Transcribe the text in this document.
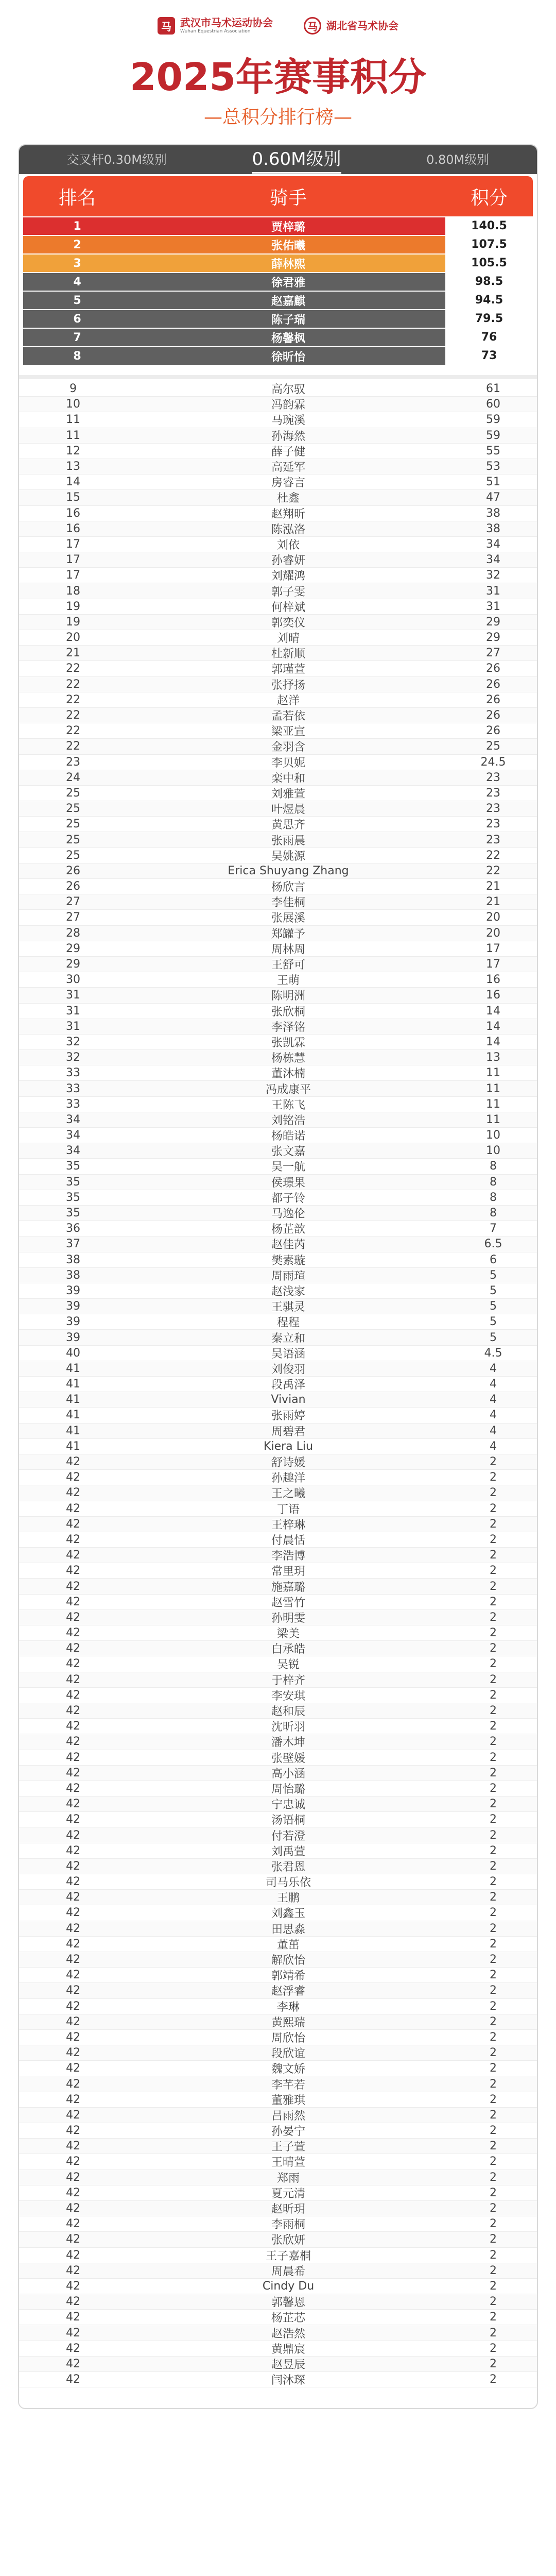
马 武汉市马术运动协会
Wuhan Equestrian Association	马 湖北省马术协会
2025年赛事积分
—总积分排行榜—
交叉杆0.30M级别	0.60M级别	0.80M级别
排名	骑手	积分
1	贾梓璐	140.5
2	张佑曦	107.5
3	薛林熙	105.5
4	徐君雅	98.5
5	赵嘉麒	94.5
6	陈子瑞	79.5
7	杨馨枫	76
8	徐昕怡	73
9	高尔驭	61
10	冯韵霖	60
11	马琬溪	59
11	孙海然	59
12	薛子健	55
13	高延军	53
14	房睿言	51
15	杜鑫	47
16	赵翔昕	38
16	陈泓洛	38
17	刘依	34
17	孙睿妍	34
17	刘耀鸿	32
18	郭子雯	31
19	何梓斌	31
19	郭奕仪	29
20	刘晴	29
21	杜新顺	27
22	郭瑾萱	26
22	张抒扬	26
22	赵洋	26
22	孟若依	26
22	梁亚宣	26
22	金羽含	25
23	李贝妮	24.5
24	栾中和	23
25	刘雅萱	23
25	叶煜晨	23
25	黄思齐	23
25	张雨晨	23
25	吴姚源	22
26	Erica Shuyang Zhang	22
26	杨欣言	21
27	李佳桐	21
27	张展溪	20
28	郑罐予	20
29	周林周	17
29	王舒可	17
30	王萌	16
31	陈明洲	16
31	张欣桐	14
31	李泽铭	14
32	张凯霖	14
32	杨栋慧	13
33	董沐楠	11
33	冯成康平	11
33	王陈飞	11
34	刘铭浩	11
34	杨皓诺	10
34	张文嘉	10
35	吴一航	8
35	侯璟果	8
35	都子铃	8
35	马逸伦	8
36	杨芷歆	7
37	赵佳芮	6.5
38	樊素璇	6
38	周雨瑄	5
39	赵浅家	5
39	王骐灵	5
39	程程	5
39	秦立和	5
40	吴语涵	4.5
41	刘俊羽	4
41	段禹泽	4
41	Vivian	4
41	张雨婷	4
41	周碧君	4
41	Kiera Liu	4
42	舒诗媛	2
42	孙趣洋	2
42	王之曦	2
42	丁语	2
42	王梓琳	2
42	付晨恬	2
42	李浩博	2
42	常里玥	2
42	施嘉璐	2
42	赵雪竹	2
42	孙明雯	2
42	梁美	2
42	白承皓	2
42	吴锐	2
42	于梓齐	2
42	李安琪	2
42	赵和辰	2
42	沈昕羽	2
42	潘木坤	2
42	张壁媛	2
42	高小涵	2
42	周怡璐	2
42	宁忠诚	2
42	汤语桐	2
42	付若澄	2
42	刘禹萱	2
42	张君恩	2
42	司马乐依	2
42	王鹏	2
42	刘鑫玉	2
42	田思淼	2
42	董茁	2
42	解欣怡	2
42	郭靖希	2
42	赵浮睿	2
42	李琳	2
42	黄熙瑞	2
42	周欣怡	2
42	段欣谊	2
42	魏文娇	2
42	李芊若	2
42	董雅琪	2
42	吕雨然	2
42	孙晏宁	2
42	王子萱	2
42	王晴萱	2
42	郑雨	2
42	夏元清	2
42	赵昕玥	2
42	李雨桐	2
42	张欣妍	2
42	王子嘉桐	2
42	周晨希	2
42	Cindy Du	2
42	郭馨恩	2
42	杨芷芯	2
42	赵浩然	2
42	黄鼎宸	2
42	赵昱辰	2
42	闫沐琛	2
